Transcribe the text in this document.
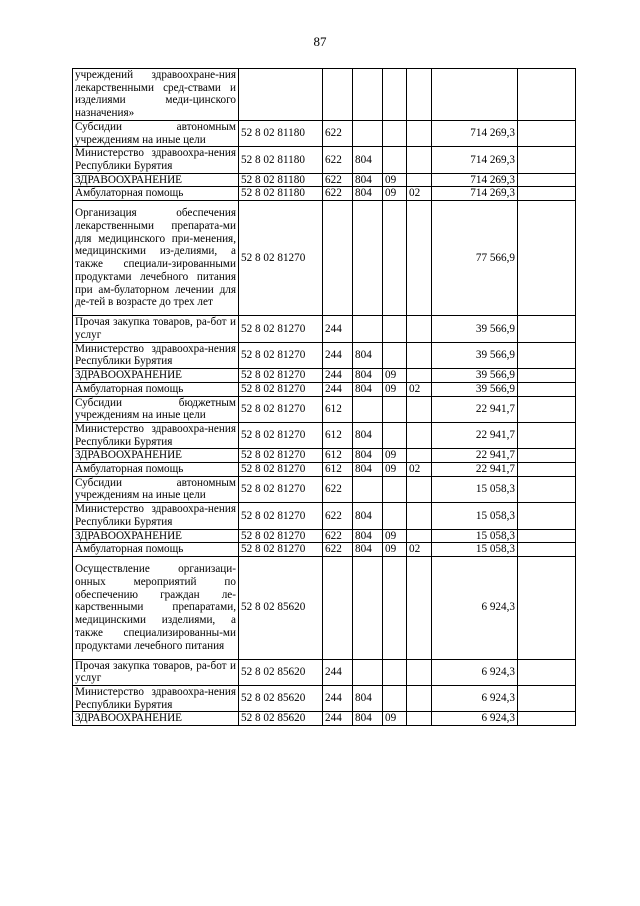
87
учреждений здравоохране-ния лекарственными сред-ствами и изделиями меди-цинского назначения»							
Субсидии автономным учреждениям на иные цели	52 8 02 81180	622				714 269,3	
Министерство здравоохра-нения Республики Бурятия	52 8 02 81180	622	804			714 269,3	
ЗДРАВООХРАНЕНИЕ	52 8 02 81180	622	804	09		714 269,3	
Амбулаторная помощь	52 8 02 81180	622	804	09	02	714 269,3	
Организация обеспечения лекарственными препарата-ми для медицинского при-менения, медицинскими из-делиями, а также специали-зированными продуктами лечебного питания при ам-булаторном лечении для де-тей в возрасте до трех лет	52 8 02 81270					77 566,9	
Прочая закупка товаров, ра-бот и услуг	52 8 02 81270	244				39 566,9	
Министерство здравоохра-нения Республики Бурятия	52 8 02 81270	244	804			39 566,9	
ЗДРАВООХРАНЕНИЕ	52 8 02 81270	244	804	09		39 566,9	
Амбулаторная помощь	52 8 02 81270	244	804	09	02	39 566,9	
Субсидии бюджетным учреждениям на иные цели	52 8 02 81270	612				22 941,7	
Министерство здравоохра-нения Республики Бурятия	52 8 02 81270	612	804			22 941,7	
ЗДРАВООХРАНЕНИЕ	52 8 02 81270	612	804	09		22 941,7	
Амбулаторная помощь	52 8 02 81270	612	804	09	02	22 941,7	
Субсидии автономным учреждениям на иные цели	52 8 02 81270	622				15 058,3	
Министерство здравоохра-нения Республики Бурятия	52 8 02 81270	622	804			15 058,3	
ЗДРАВООХРАНЕНИЕ	52 8 02 81270	622	804	09		15 058,3	
Амбулаторная помощь	52 8 02 81270	622	804	09	02	15 058,3	
Осуществление организаци-онных мероприятий по обеспечению граждан ле-карственными препаратами, медицинскими изделиями, а также специализированны-ми продуктами лечебного питания	52 8 02 85620					6 924,3	
Прочая закупка товаров, ра-бот и услуг	52 8 02 85620	244				6 924,3	
Министерство здравоохра-нения Республики Бурятия	52 8 02 85620	244	804			6 924,3	
ЗДРАВООХРАНЕНИЕ	52 8 02 85620	244	804	09		6 924,3	
